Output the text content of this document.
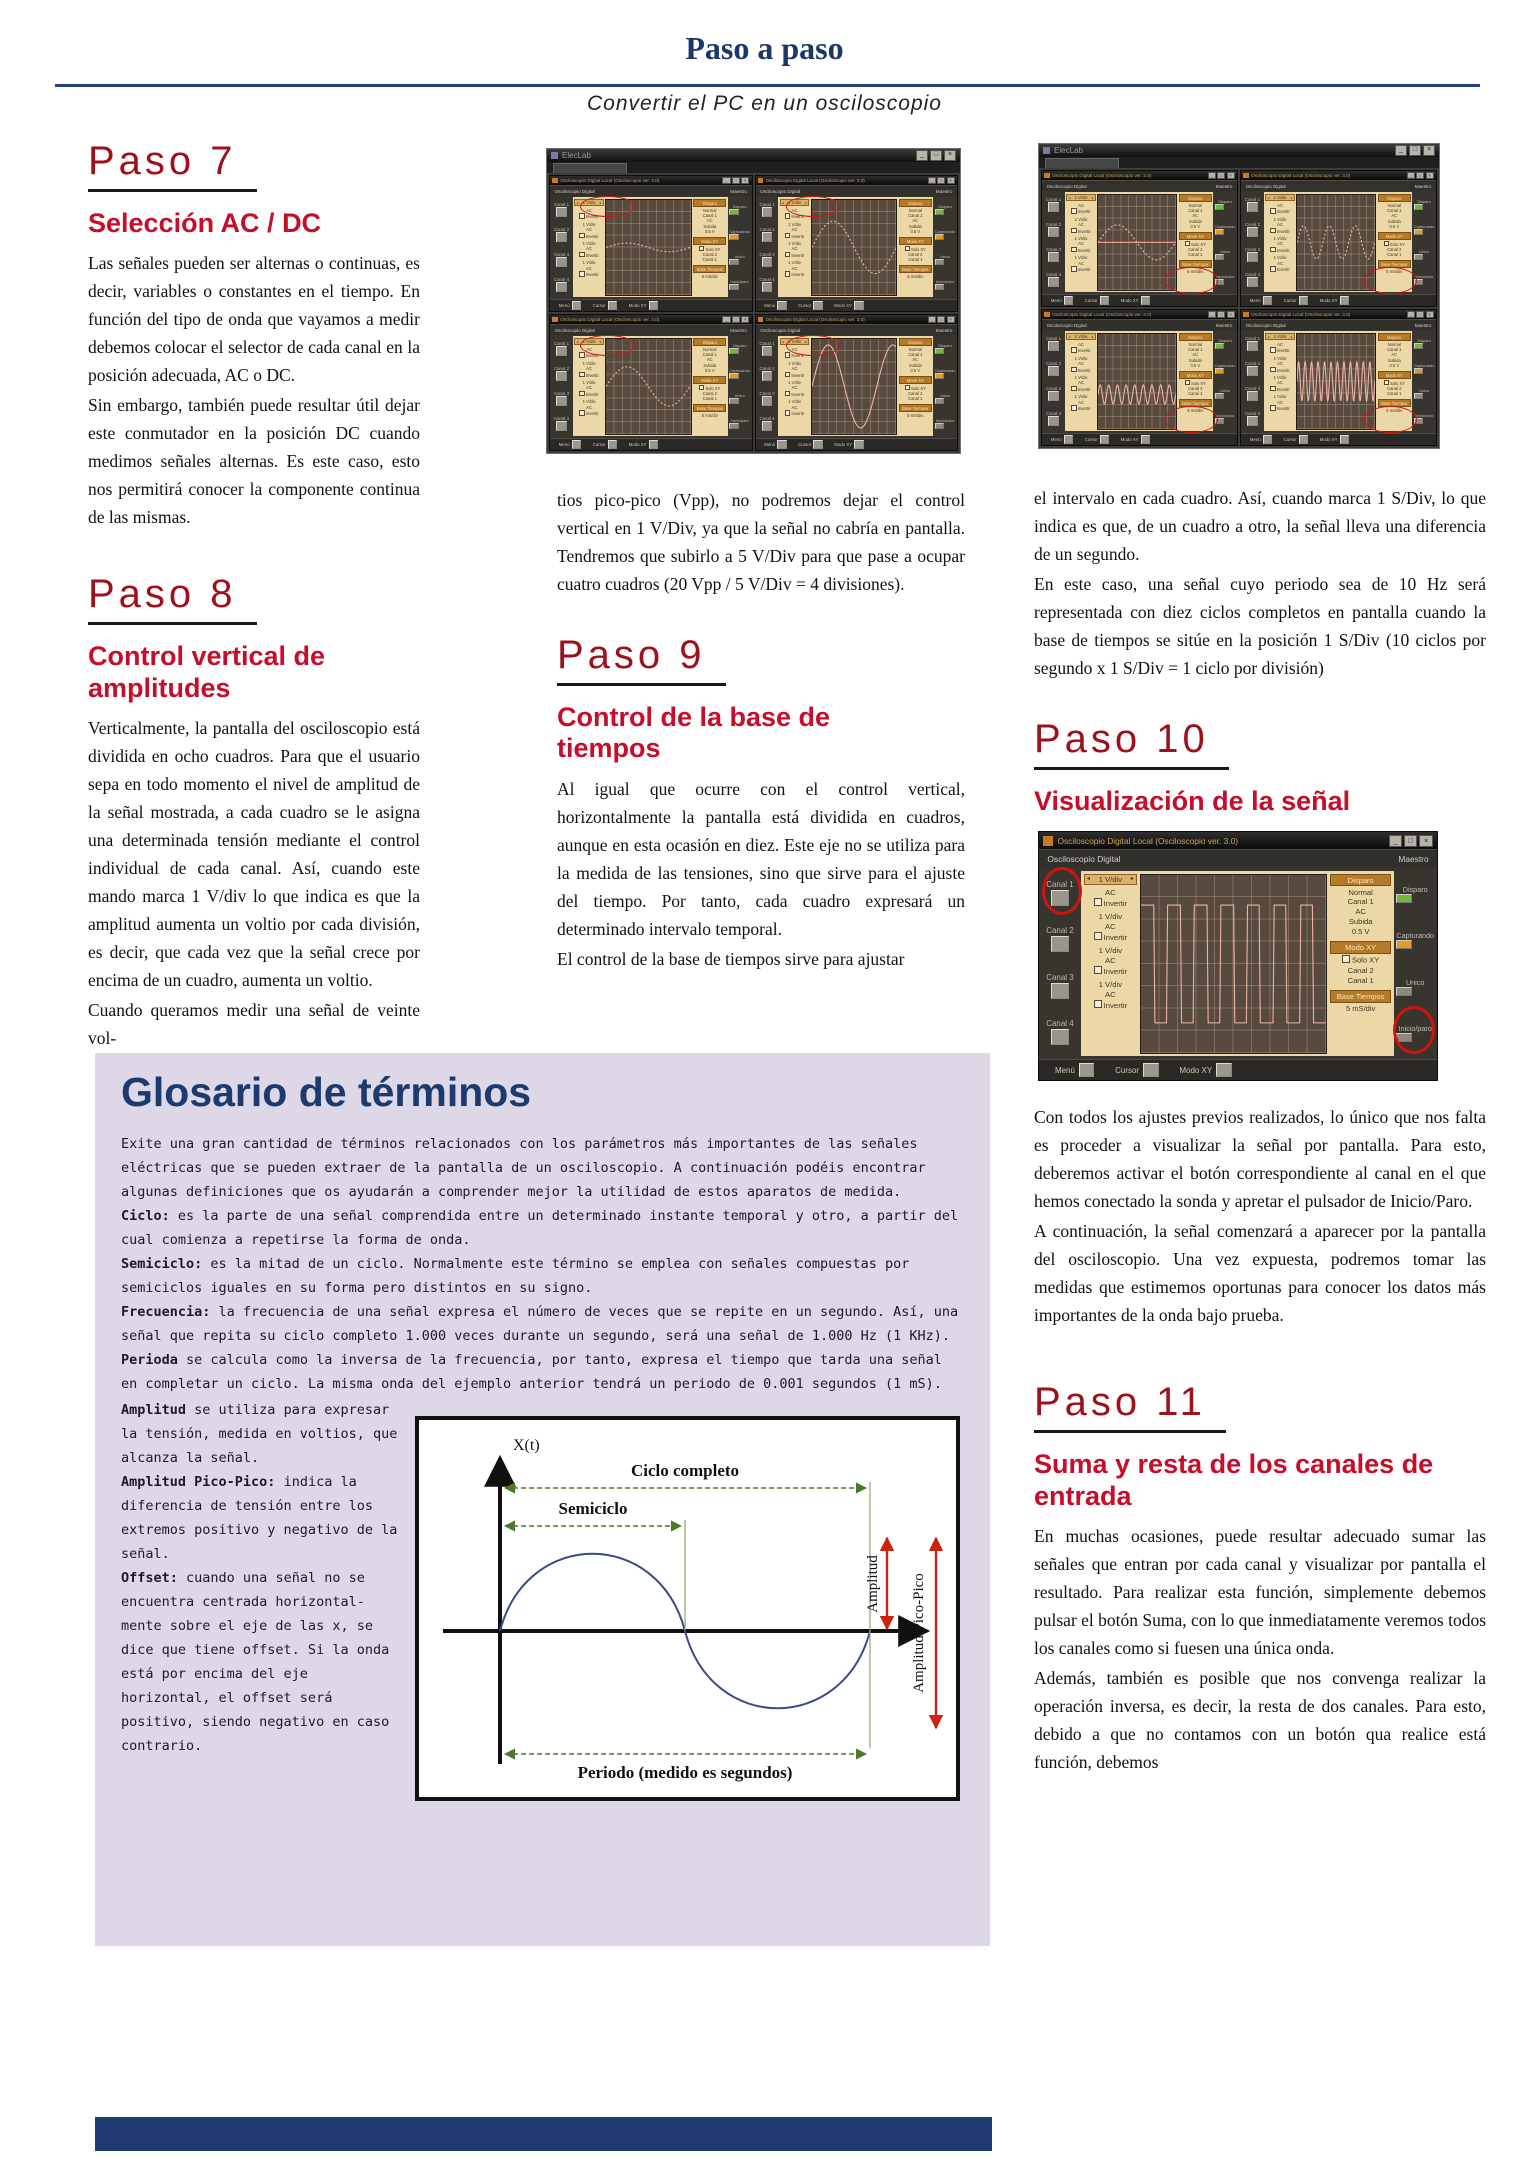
Paso a paso
Convertir el PC en un osciloscopio
Paso 7
Selección AC / DC

Las señales pueden ser alternas o continuas, es decir, variables o constantes en el tiempo. En función del tipo de onda que vayamos a medir debemos colocar el selector de cada canal en la posición adecuada, AC o DC.

Sin embargo, también puede resultar útil dejar este conmutador en la posición DC cuando medimos señales alternas. Es este caso, esto nos permitirá conocer la componente continua de las mismas.

Paso 8
Control vertical de amplitudes

Verticalmente, la pantalla del osciloscopio está dividida en ocho cuadros. Para que el usuario sepa en todo momento el nivel de amplitud de la señal mostrada, a cada cuadro se le asigna una determinada tensión mediante el control individual de cada canal. Así, cuando este mando marca 1 V/div lo que indica es que la amplitud aumenta un voltio por cada división, es decir, que cada vez que la señal crece por encima de un cuadro, aumenta un voltio.

Cuando queramos medir una señal de veinte vol-

ElecLab	_	□	×
Osciloscopio Digital Local (Osciloscopio ver. 3.0)	_	□	×
Osciloscopio Digital	Maestro
Canal 1
Canal 2
Canal 3
Canal 4
◄ 1 V/div	►
AC
Invertir
1 V/div
AC
Invertir
1 V/div
AC
Invertir
1 V/div
AC
Invertir
Disparo
Normal
Canal 1
AC
Subida
0.5 V
Modo XY
Solo XY
Canal 2
Canal 1
Base Tiempos
5 mS/div
Disparo
Capturando
Unico
Inicio/paro
Menú	Cursor	Modo XY
Osciloscopio Digital Local (Osciloscopio ver. 3.0)	_	□	×
Osciloscopio Digital	Maestro
Canal 1
Canal 2
Canal 3
Canal 4
◄ 1 V/div	►
AC
Invertir
1 V/div
AC
Invertir
1 V/div
AC
Invertir
1 V/div
AC
Invertir
Disparo
Normal
Canal 1
AC
Subida
0.5 V
Modo XY
Solo XY
Canal 2
Canal 1
Base Tiempos
5 mS/div
Disparo
Capturando
Unico
Inicio/paro
Menú	Cursor	Modo XY
Osciloscopio Digital Local (Osciloscopio ver. 3.0)	_	□	×
Osciloscopio Digital	Maestro
Canal 1
Canal 2
Canal 3
Canal 4
◄ 1 V/div	►
AC
Invertir
1 V/div
AC
Invertir
1 V/div
AC
Invertir
1 V/div
AC
Invertir
Disparo
Normal
Canal 1
AC
Subida
0.5 V
Modo XY
Solo XY
Canal 2
Canal 1
Base Tiempos
5 mS/div
Disparo
Capturando
Unico
Inicio/paro
Menú	Cursor	Modo XY
Osciloscopio Digital Local (Osciloscopio ver. 3.0)	_	□	×
Osciloscopio Digital	Maestro
Canal 1
Canal 2
Canal 3
Canal 4
◄ 1 V/div	►
AC
Invertir
1 V/div
AC
Invertir
1 V/div
AC
Invertir
1 V/div
AC
Invertir
Disparo
Normal
Canal 1
AC
Subida
0.5 V
Modo XY
Solo XY
Canal 2
Canal 1
Base Tiempos
5 mS/div
Disparo
Capturando
Unico
Inicio/paro
Menú	Cursor	Modo XY
ElecLab	_	□	×
Osciloscopio Digital Local (Osciloscopio ver. 3.0)	_	□	×
Osciloscopio Digital	Maestro
Canal 1
Canal 2
Canal 3
Canal 4
◄ 1 V/div	►
AC
Invertir
1 V/div
AC
Invertir
1 V/div
AC
Invertir
1 V/div
AC
Invertir
Disparo
Normal
Canal 1
AC
Subida
0.5 V
Modo XY
Solo XY
Canal 2
Canal 1
Base Tiempos
5 mS/div
Disparo
Capturando
Unico
Inicio/paro
Menú	Cursor	Modo XY
Osciloscopio Digital Local (Osciloscopio ver. 3.0)	_	□	×
Osciloscopio Digital	Maestro
Canal 1
Canal 2
Canal 3
Canal 4
◄ 1 V/div	►
AC
Invertir
1 V/div
AC
Invertir
1 V/div
AC
Invertir
1 V/div
AC
Invertir
Disparo
Normal
Canal 1
AC
Subida
0.5 V
Modo XY
Solo XY
Canal 2
Canal 1
Base Tiempos
5 mS/div
Disparo
Capturando
Unico
Inicio/paro
Menú	Cursor	Modo XY
Osciloscopio Digital Local (Osciloscopio ver. 3.0)	_	□	×
Osciloscopio Digital	Maestro
Canal 1
Canal 2
Canal 3
Canal 4
◄ 1 V/div	►
AC
Invertir
1 V/div
AC
Invertir
1 V/div
AC
Invertir
1 V/div
AC
Invertir
Disparo
Normal
Canal 1
AC
Subida
0.5 V
Modo XY
Solo XY
Canal 2
Canal 1
Base Tiempos
5 mS/div
Disparo
Capturando
Unico
Inicio/paro
Menú	Cursor	Modo XY
Osciloscopio Digital Local (Osciloscopio ver. 3.0)	_	□	×
Osciloscopio Digital	Maestro
Canal 1
Canal 2
Canal 3
Canal 4
◄ 1 V/div	►
AC
Invertir
1 V/div
AC
Invertir
1 V/div
AC
Invertir
1 V/div
AC
Invertir
Disparo
Normal
Canal 1
AC
Subida
0.5 V
Modo XY
Solo XY
Canal 2
Canal 1
Base Tiempos
5 mS/div
Disparo
Capturando
Unico
Inicio/paro
Menú	Cursor	Modo XY

tios pico-pico (Vpp), no podremos dejar el control vertical en 1 V/Div, ya que la señal no cabría en pantalla. Tendremos que subirlo a 5 V/Div para que pase a ocupar cuatro cuadros (20 Vpp / 5 V/Div = 4 divisiones).

Paso 9
Control de la base de tiempos

Al igual que ocurre con el control vertical, horizontalmente la pantalla está dividida en cuadros, aunque en esta ocasión en diez. Este eje no se utiliza para la medida de las tensiones, sino que sirve para el ajuste del tiempo. Por tanto, cada cuadro expresará un determinado intervalo temporal.

El control de la base de tiempos sirve para ajustar

el intervalo en cada cuadro. Así, cuando marca 1 S/Div, lo que indica es que, de un cuadro a otro, la señal lleva una diferencia de un segundo.

En este caso, una señal cuyo periodo sea de 10 Hz será representada con diez ciclos completos en pantalla cuando la base de tiempos se sitúe en la posición 1 S/Div (10 ciclos por segundo x 1 S/Div = 1 ciclo por división)

Paso 10
Visualización de la señal
Osciloscopio Digital Local (Osciloscopio ver. 3.0)	_	□	×
Osciloscopio Digital	Maestro
Canal 1
Canal 2
Canal 3
Canal 4
◄ 1 V/div	►
AC
Invertir
1 V/div
AC
Invertir
1 V/div
AC
Invertir
1 V/div
AC
Invertir
Disparo
Normal
Canal 1
AC
Subida
0.5 V
Modo XY
Solo XY
Canal 2
Canal 1
Base Tiempos
5 mS/div
Disparo
Capturando
Unico
Inicio/paro
Menú	Cursor	Modo XY

Con todos los ajustes previos realizados, lo único que nos falta es proceder a visualizar la señal por pantalla. Para esto, deberemos activar el botón correspondiente al canal en el que hemos conectado la sonda y apretar el pulsador de Inicio/Paro.

A continuación, la señal comenzará a aparecer por la pantalla del osciloscopio. Una vez expuesta, podremos tomar las medidas que estimemos oportunas para conocer los datos más importantes de la onda bajo prueba.

Paso 11
Suma y resta de los canales de entrada

En muchas ocasiones, puede resultar adecuado sumar las señales que entran por cada canal y visualizar por pantalla el resultado. Para realizar esta función, simplemente debemos pulsar el botón Suma, con lo que inmediatamente veremos todos los canales como si fuesen una única onda.

Además, también es posible que nos convenga realizar la operación inversa, es decir, la resta de dos canales. Para esto, debido a que no contamos con un botón qua realice está función, debemos

Glosario de términos

Exite una gran cantidad de términos relacionados con los parámetros más importantes de las señales eléctricas que se pueden extraer de la pantalla de un osciloscopio. A continuación podéis encontrar algunas definiciones que os ayudarán a comprender mejor la utilidad de estos aparatos de medida.

Ciclo: es la parte de una señal comprendida entre un determinado instante temporal y otro, a partir del cual comienza a repetirse la forma de onda.

Semiciclo: es la mitad de un ciclo. Normalmente este término se emplea con señales compuestas por semiciclos iguales en su forma pero distintos en su signo.

Frecuencia: la frecuencia de una señal expresa el número de veces que se repite en un segundo. Así, una señal que repita su ciclo completo 1.000 veces durante un segundo, será una señal de 1.000 Hz (1 KHz).

Perioda se calcula como la inversa de la frecuencia, por tanto, expresa el tiempo que tarda una señal en completar un ciclo. La misma onda del ejemplo anterior tendrá un periodo de 0.001 segundos (1 mS).

Amplitud se utiliza para expresar la tensión, medida en voltios, que alcanza la señal.

Amplitud Pico-Pico: indica la diferencia de tensión entre los extremos positivo y negativo de la señal.

Offset: cuando una señal no se encuentra centrada horizontal-mente sobre el eje de las x, se dice que tiene offset. Si la onda está por encima del eje horizontal, el offset será positivo, siendo negativo en caso contrario.

Ciclo completo
Semiciclo
Periodo (medido es segundos)
Amplitud Amplitud Pico-Pico
X(t)
